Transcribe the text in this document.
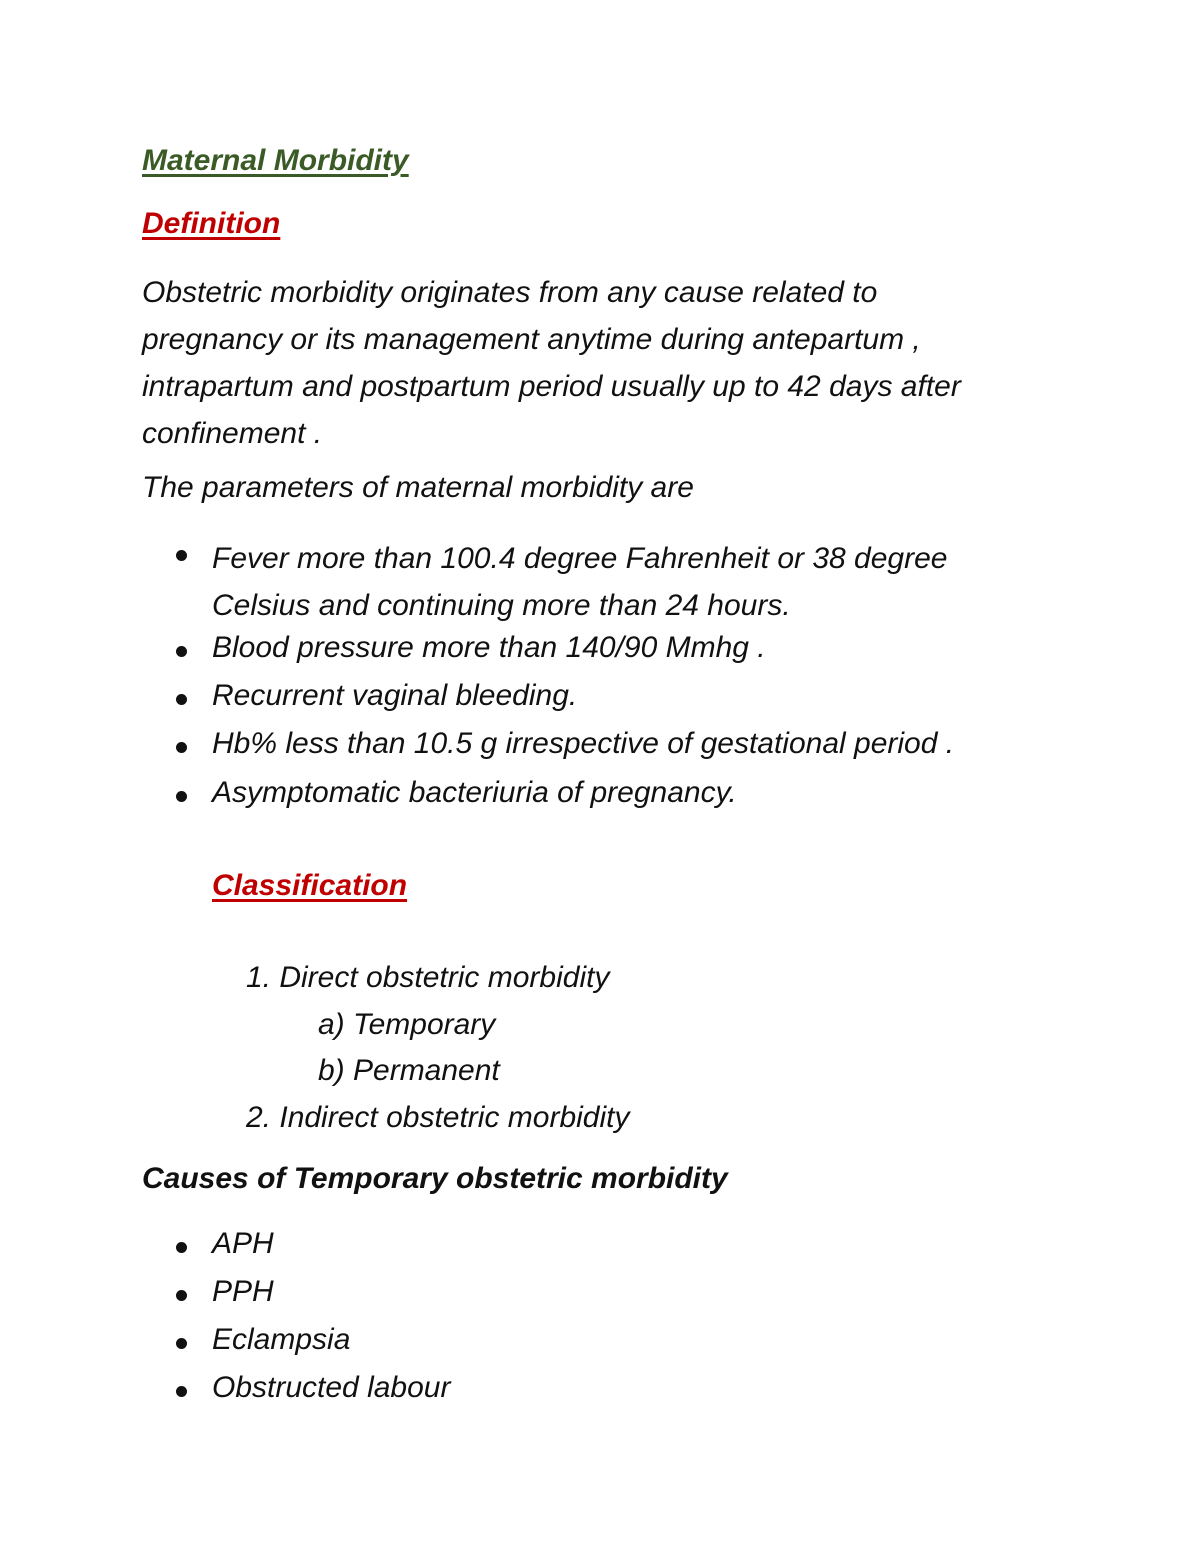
Maternal Morbidity
Definition
Obstetric morbidity originates from any cause related to
pregnancy or its management anytime during antepartum ,
intrapartum and postpartum period usually up to 42 days after
confinement .
The parameters of maternal morbidity are
Fever more than 100.4 degree Fahrenheit or 38 degree
Celsius and continuing more than 24 hours.
Blood pressure more than 140/90 Mmhg .
Recurrent vaginal bleeding.
Hb% less than 10.5 g irrespective of gestational period .
Asymptomatic bacteriuria of pregnancy.
Classification
1. Direct obstetric morbidity
a) Temporary
b) Permanent
2. Indirect obstetric morbidity
Causes of Temporary obstetric morbidity
APH
PPH
Eclampsia
Obstructed labour
